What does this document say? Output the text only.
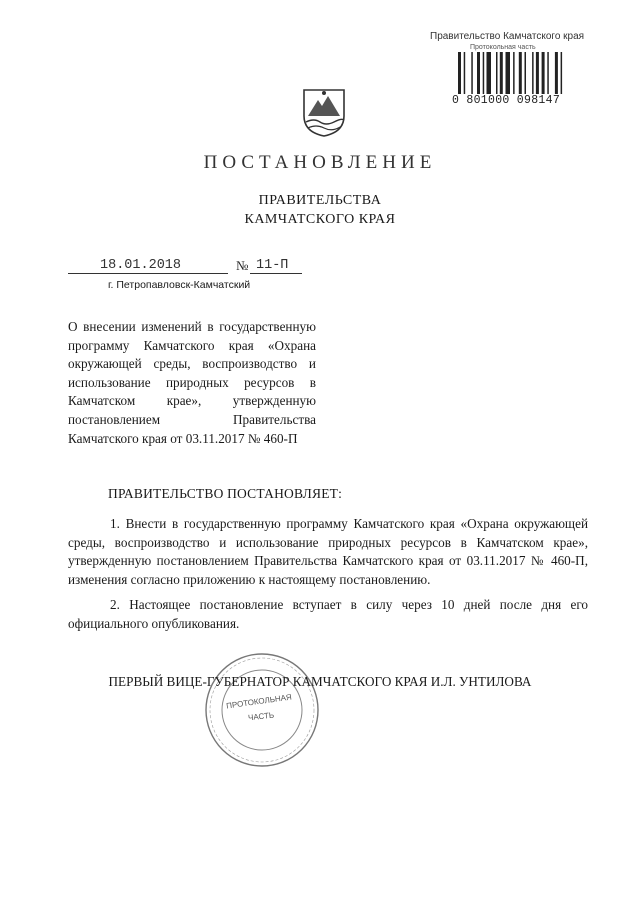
Правительство Камчатского края
Протокольная часть
0 801000 098147
ПОСТАНОВЛЕНИЕ
ПРАВИТЕЛЬСТВА
КАМЧАТСКОГО КРАЯ
18.01.2018	№ 11-П
г. Петропавловск-Камчатский
О внесении изменений в государственную программу Камчатского края «Охрана окружающей среды, воспроизводство и использование природных ресурсов в Камчатском крае», утвержденную постановлением Правительства Камчатского края от 03.11.2017 № 460-П
ПРАВИТЕЛЬСТВО ПОСТАНОВЛЯЕТ:
1. Внести в государственную программу Камчатского края «Охрана окружающей среды, воспроизводство и использование природных ресурсов в Камчатском крае», утвержденную постановлением Правительства Камчатского края от 03.11.2017 № 460-П, изменения согласно приложению к настоящему постановлению.
2. Настоящее постановление вступает в силу через 10 дней после дня его официального опубликования.
ПРОТОКОЛЬНАЯ
ЧАСТЬ
ПЕРВЫЙ ВИЦЕ-ГУБЕРНАТОР КАМЧАТСКОГО КРАЯ И.Л. УНТИЛОВА
